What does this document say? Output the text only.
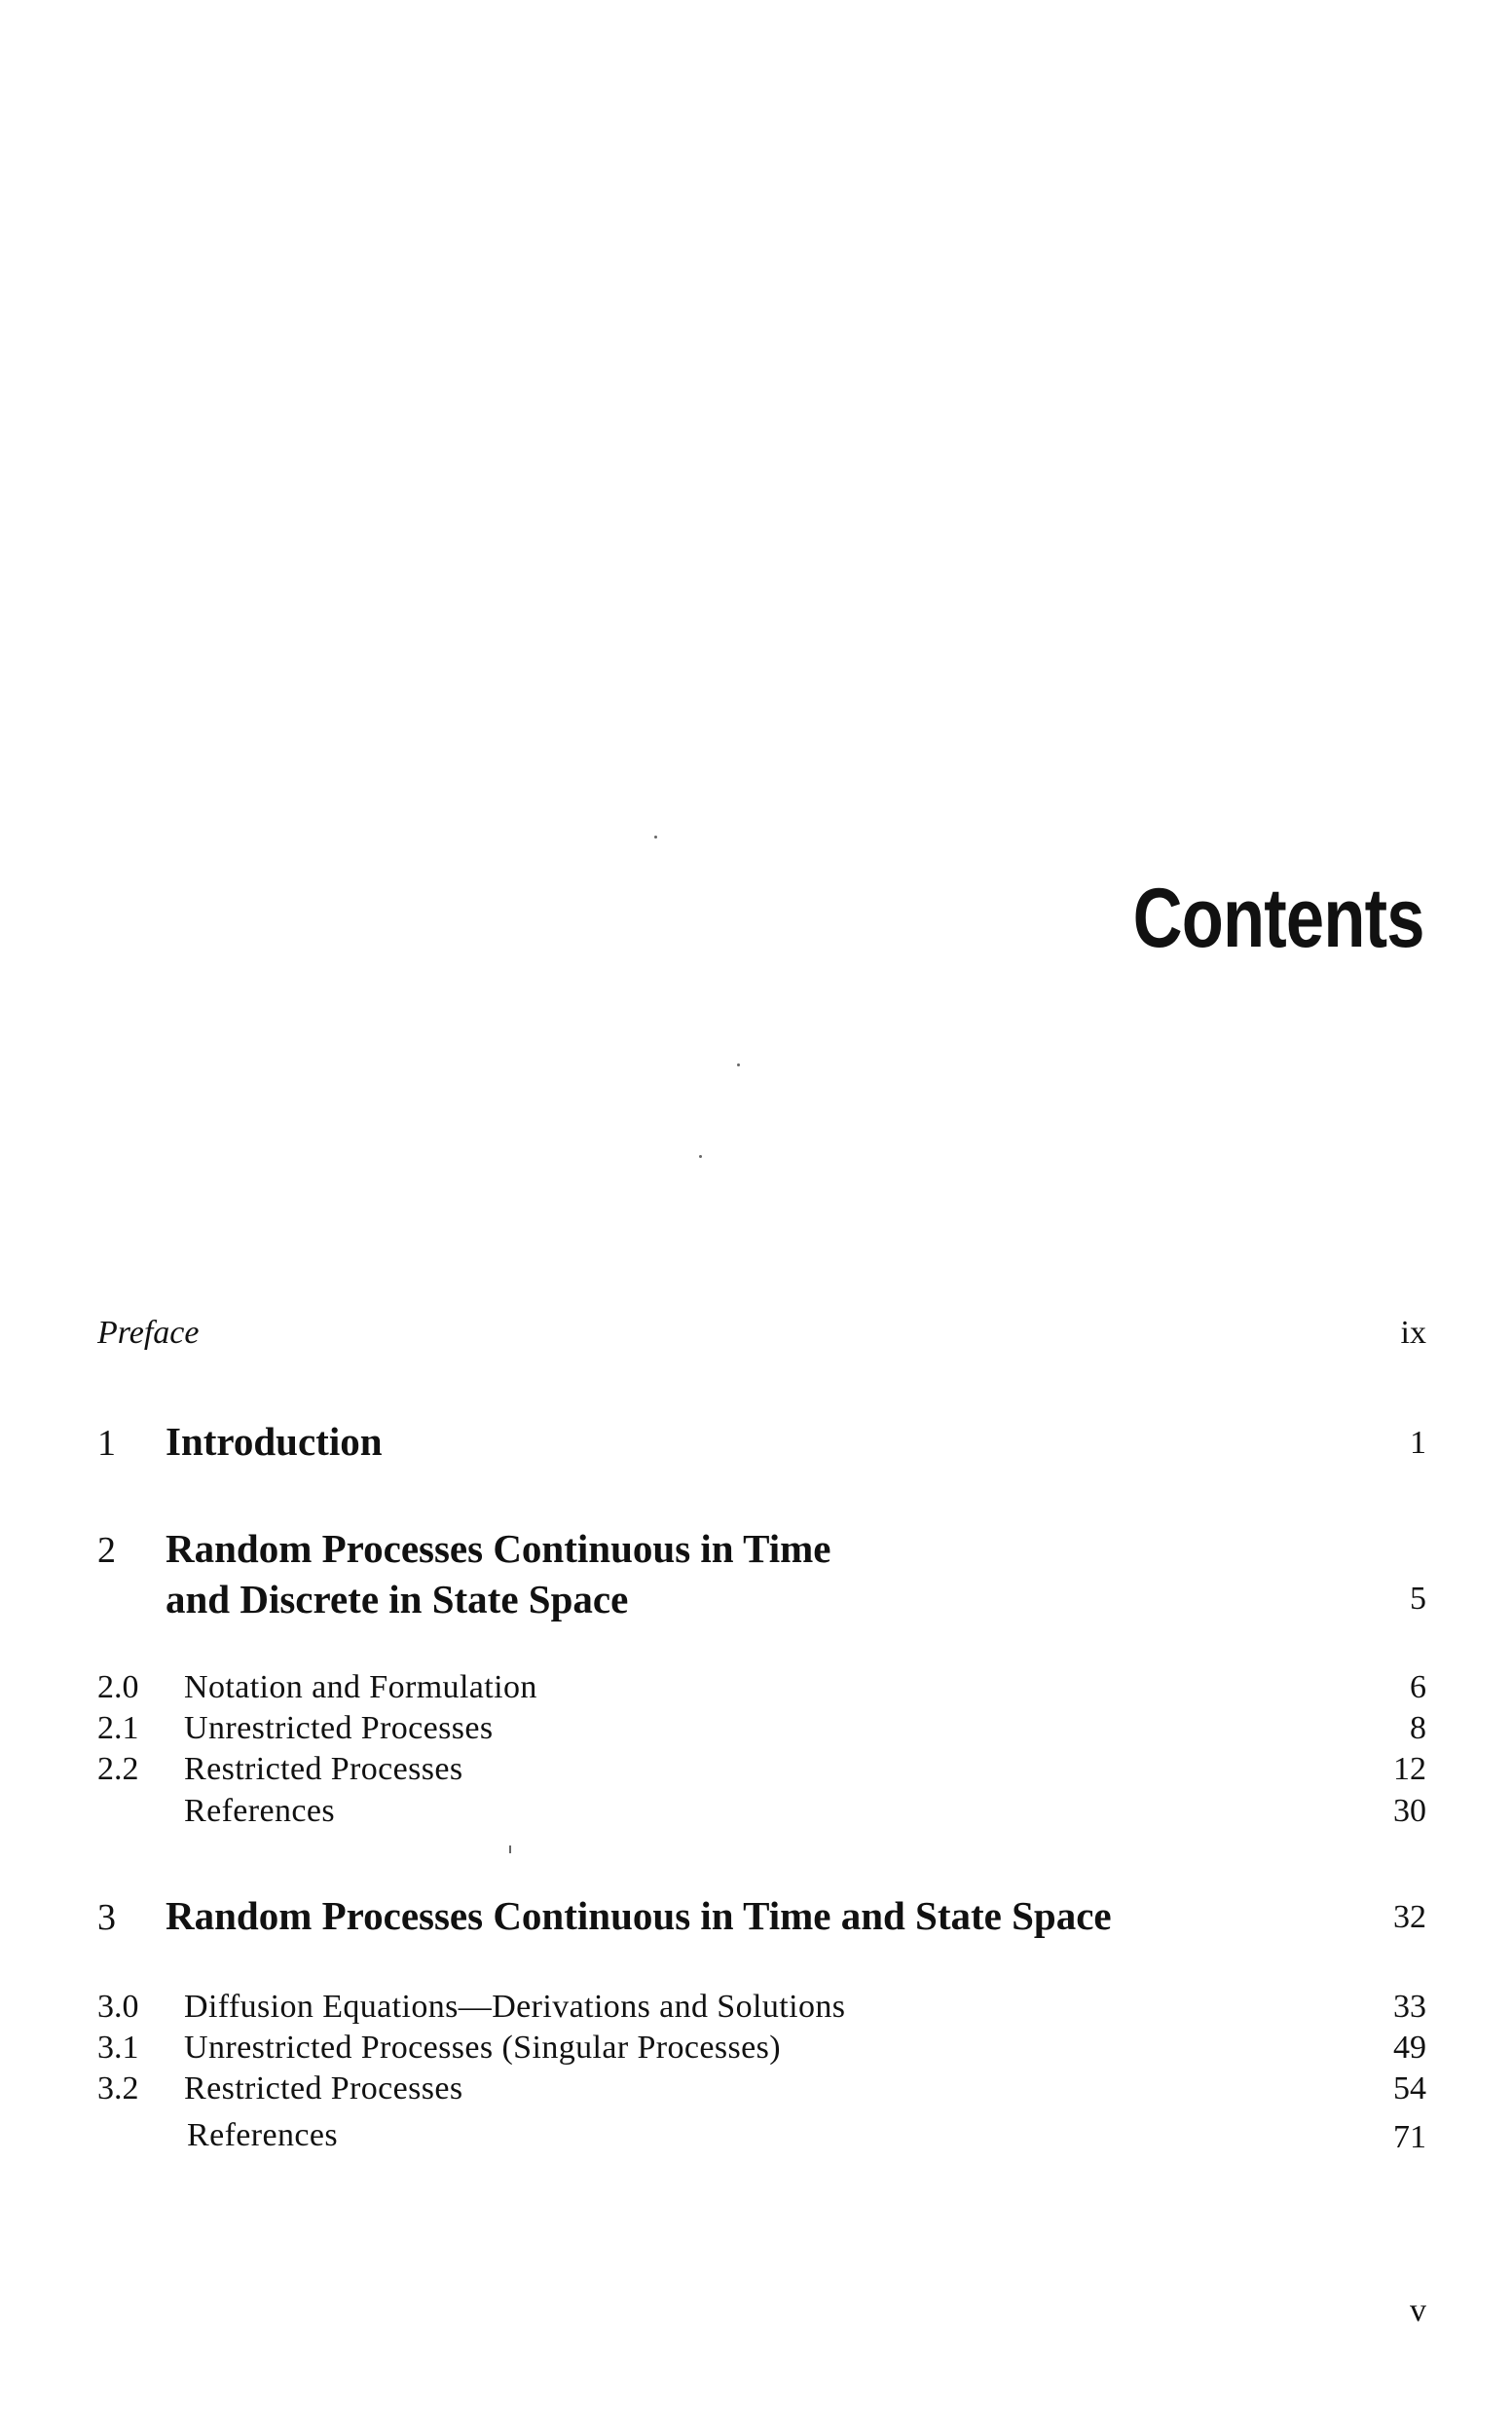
Contents
Preface	ix
1 Introduction	1
2 Random Processes Continuous in Time
and Discrete in State Space	5
2.0 Notation and Formulation	6
2.1 Unrestricted Processes	8
2.2 Restricted Processes	12
References	30
3 Random Processes Continuous in Time and State Space	32
3.0 Diffusion Equations—Derivations and Solutions	33
3.1 Unrestricted Processes (Singular Processes)	49
3.2 Restricted Processes	54
References	71
v
